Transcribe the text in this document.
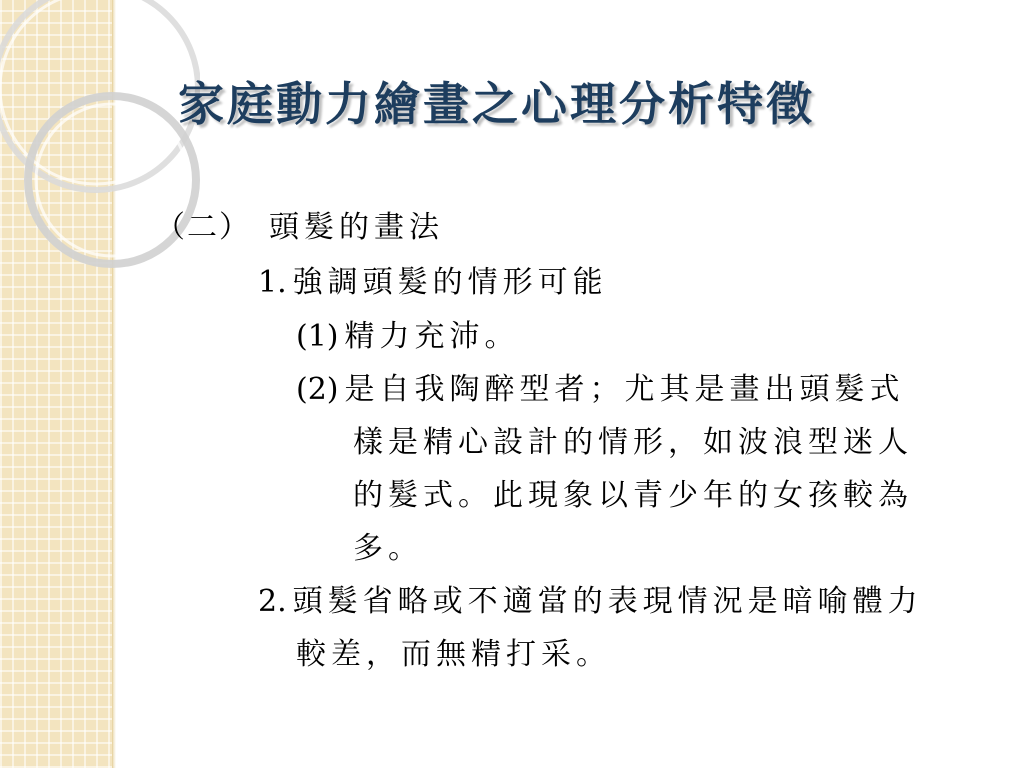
家庭動力繪畫之心理分析特徵

（二） 頭髮的畫法

1. 強調頭髮的情形可能

(1) 精力充沛。

(2) 是自我陶醉型者；尤其是畫出頭髮式

樣是精心設計的情形，如波浪型迷人

的髮式。此現象以青少年的女孩較為

多。

2. 頭髮省略或不適當的表現情況是暗喻體力

較差，而無精打采。
